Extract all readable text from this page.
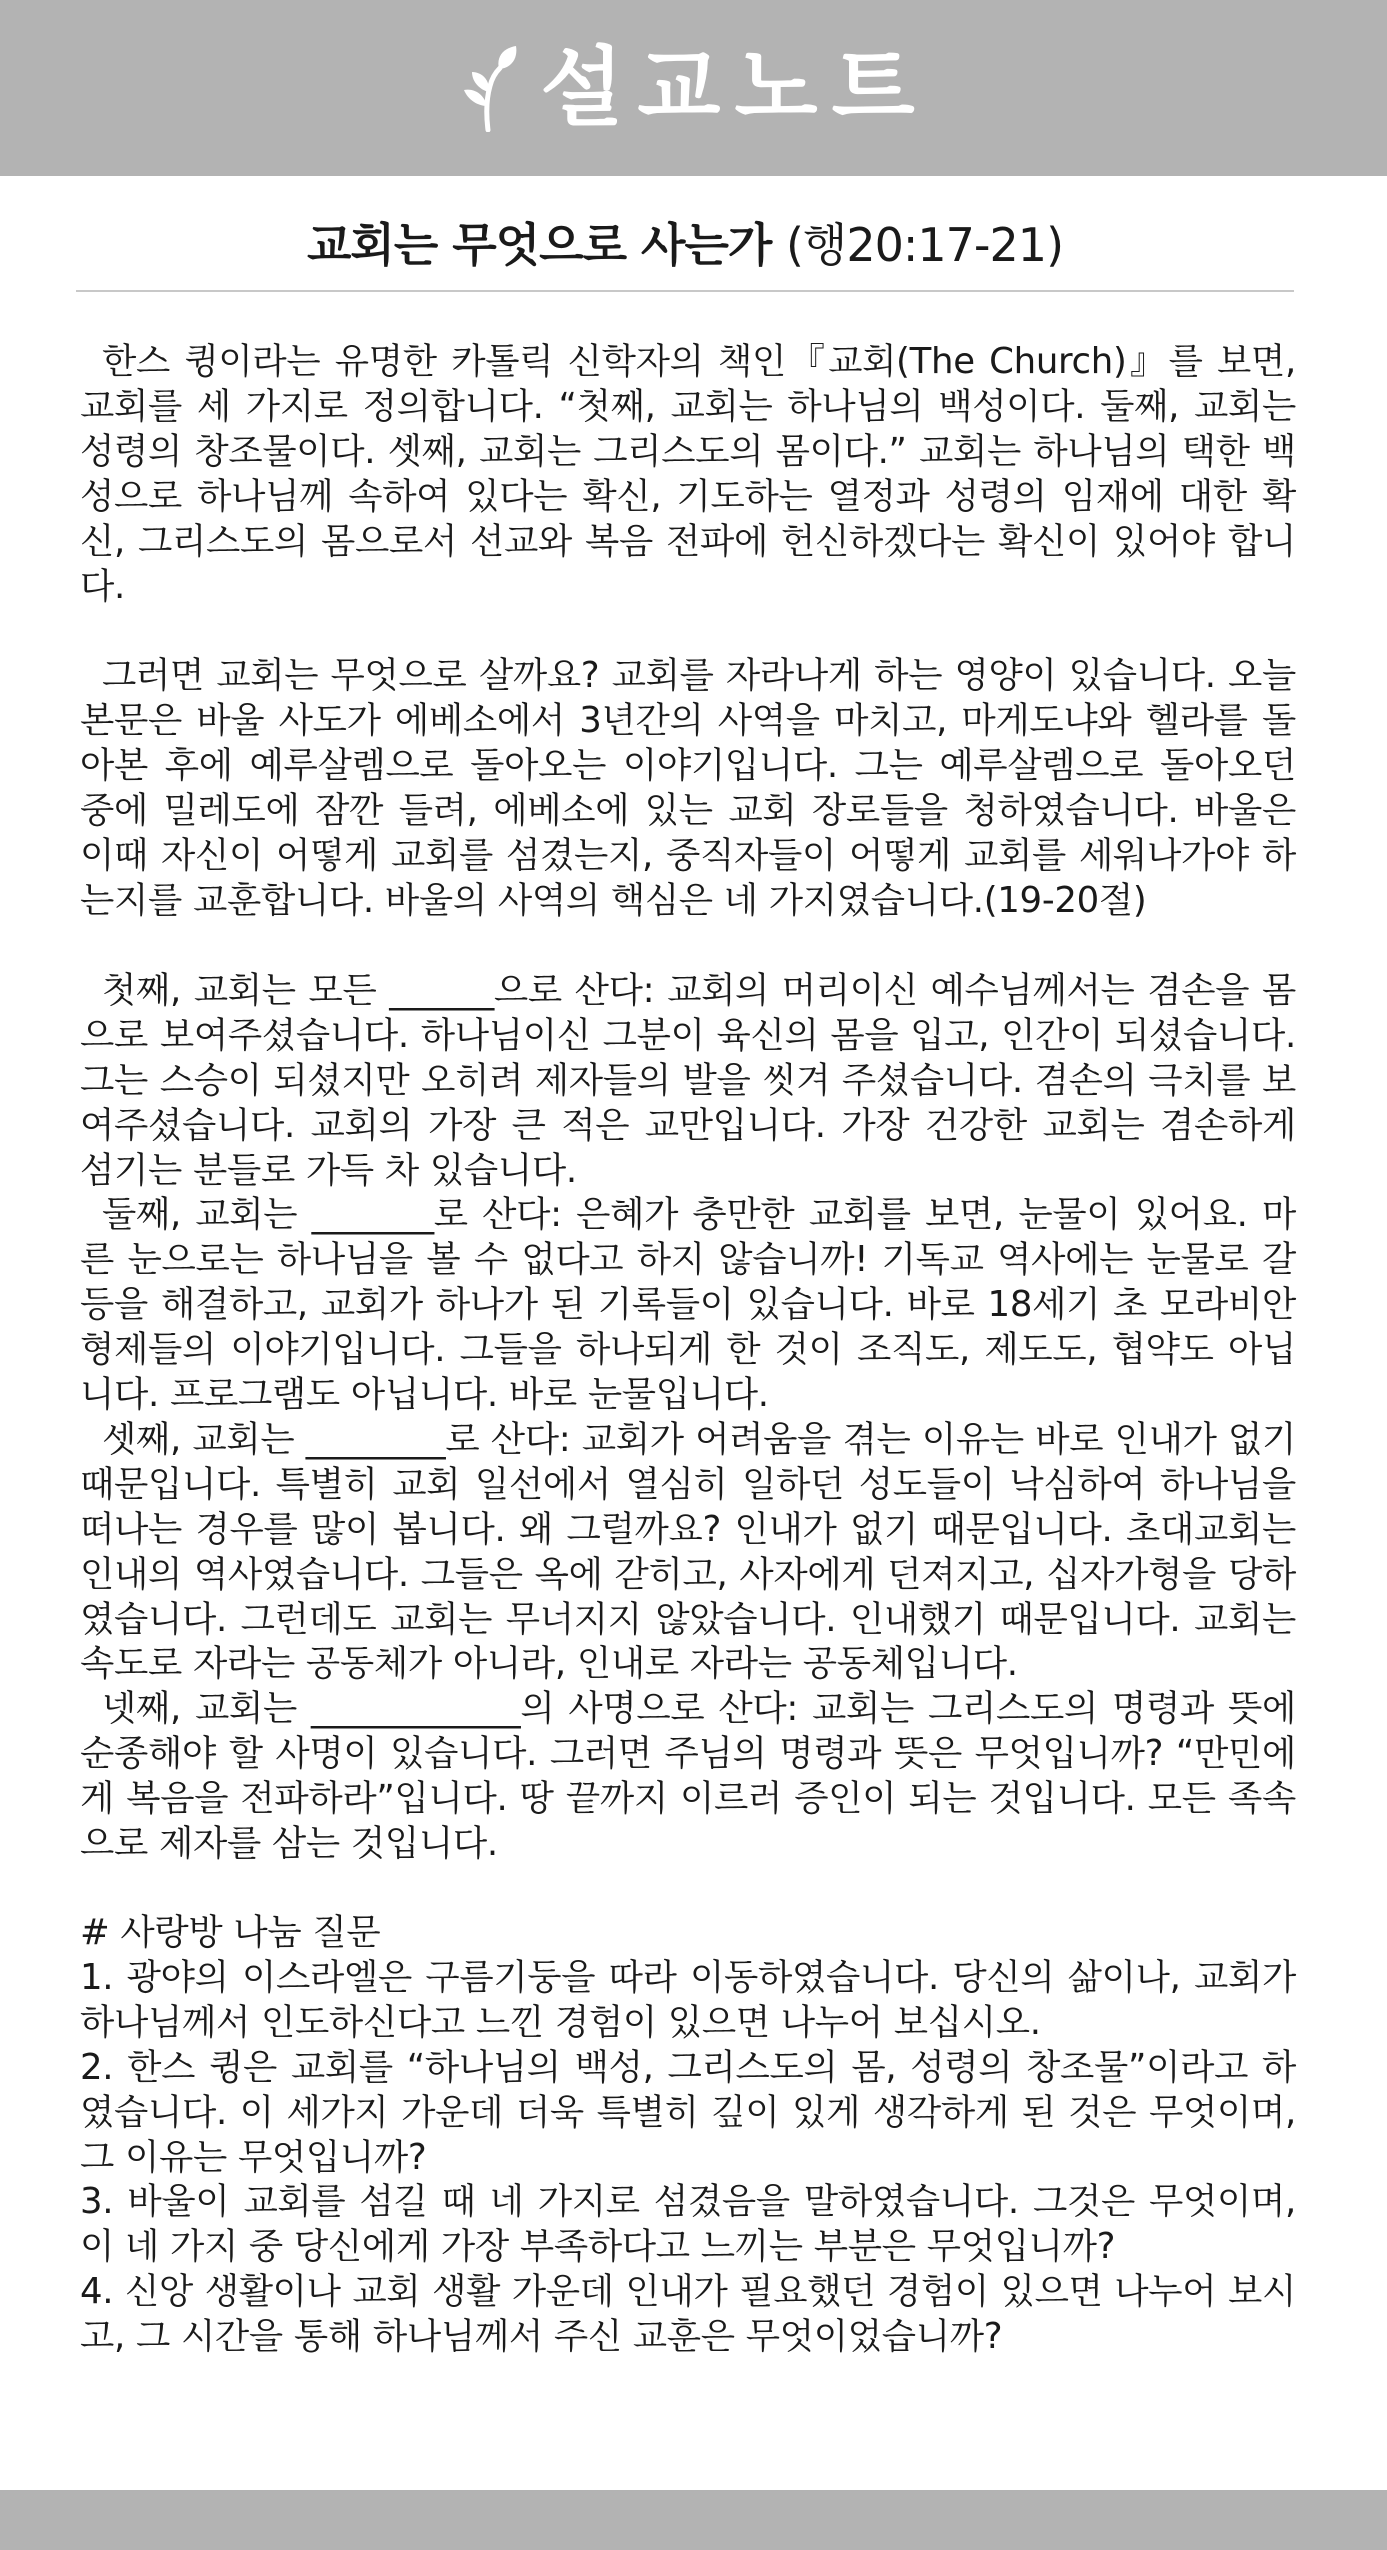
설교노트
교회는 무엇으로 사는가 (행20:17-21)

한스 큉이라는 유명한 카톨릭 신학자의 책인『교회(The Church)』를 보면, 교회를 세 가지로 정의합니다. “첫째, 교회는 하나님의 백성이다. 둘째, 교회는 성령의 창조물이다. 셋째, 교회는 그리스도의 몸이다.” 교회는 하나님의 택한 백성으로 하나님께 속하여 있다는 확신, 기도하는 열정과 성령의 임재에 대한 확신, 그리스도의 몸으로서 선교와 복음 전파에 헌신하겠다는 확신이 있어야 합니다.

그러면 교회는 무엇으로 살까요? 교회를 자라나게 하는 영양이 있습니다. 오늘 본문은 바울 사도가 에베소에서 3년간의 사역을 마치고, 마게도냐와 헬라를 돌아본 후에 예루살렘으로 돌아오는 이야기입니다. 그는 예루살렘으로 돌아오던 중에 밀레도에 잠깐 들려, 에베소에 있는 교회 장로들을 청하였습니다. 바울은 이때 자신이 어떻게 교회를 섬겼는지, 중직자들이 어떻게 교회를 세워나가야 하는지를 교훈합니다. 바울의 사역의 핵심은 네 가지였습니다.(19-20절)

첫째, 교회는 모든 ______으로 산다: 교회의 머리이신 예수님께서는 겸손을 몸으로 보여주셨습니다. 하나님이신 그분이 육신의 몸을 입고, 인간이 되셨습니다. 그는 스승이 되셨지만 오히려 제자들의 발을 씻겨 주셨습니다. 겸손의 극치를 보여주셨습니다. 교회의 가장 큰 적은 교만입니다. 가장 건강한 교회는 겸손하게 섬기는 분들로 가득 차 있습니다.

둘째, 교회는 _______로 산다: 은혜가 충만한 교회를 보면, 눈물이 있어요. 마른 눈으로는 하나님을 볼 수 없다고 하지 않습니까! 기독교 역사에는 눈물로 갈등을 해결하고, 교회가 하나가 된 기록들이 있습니다. 바로 18세기 초 모라비안 형제들의 이야기입니다. 그들을 하나되게 한 것이 조직도, 제도도, 협약도 아닙니다. 프로그램도 아닙니다. 바로 눈물입니다.

셋째, 교회는 ________로 산다: 교회가 어려움을 겪는 이유는 바로 인내가 없기 때문입니다. 특별히 교회 일선에서 열심히 일하던 성도들이 낙심하여 하나님을 떠나는 경우를 많이 봅니다. 왜 그럴까요? 인내가 없기 때문입니다. 초대교회는 인내의 역사였습니다. 그들은 옥에 갇히고, 사자에게 던져지고, 십자가형을 당하였습니다. 그런데도 교회는 무너지지 않았습니다. 인내했기 때문입니다. 교회는 속도로 자라는 공동체가 아니라, 인내로 자라는 공동체입니다.

넷째, 교회는 ____________의 사명으로 산다: 교회는 그리스도의 명령과 뜻에 순종해야 할 사명이 있습니다. 그러면 주님의 명령과 뜻은 무엇입니까? “만민에게 복음을 전파하라”입니다. 땅 끝까지 이르러 증인이 되는 것입니다. 모든 족속으로 제자를 삼는 것입니다.

# 사랑방 나눔 질문

1. 광야의 이스라엘은 구름기둥을 따라 이동하였습니다. 당신의 삶이나, 교회가 하나님께서 인도하신다고 느낀 경험이 있으면 나누어 보십시오.

2. 한스 큉은 교회를 “하나님의 백성, 그리스도의 몸, 성령의 창조물”이라고 하였습니다. 이 세가지 가운데 더욱 특별히 깊이 있게 생각하게 된 것은 무엇이며, 그 이유는 무엇입니까?

3. 바울이 교회를 섬길 때 네 가지로 섬겼음을 말하였습니다. 그것은 무엇이며, 이 네 가지 중 당신에게 가장 부족하다고 느끼는 부분은 무엇입니까?

4. 신앙 생활이나 교회 생활 가운데 인내가 필요했던 경험이 있으면 나누어 보시고, 그 시간을 통해 하나님께서 주신 교훈은 무엇이었습니까?
